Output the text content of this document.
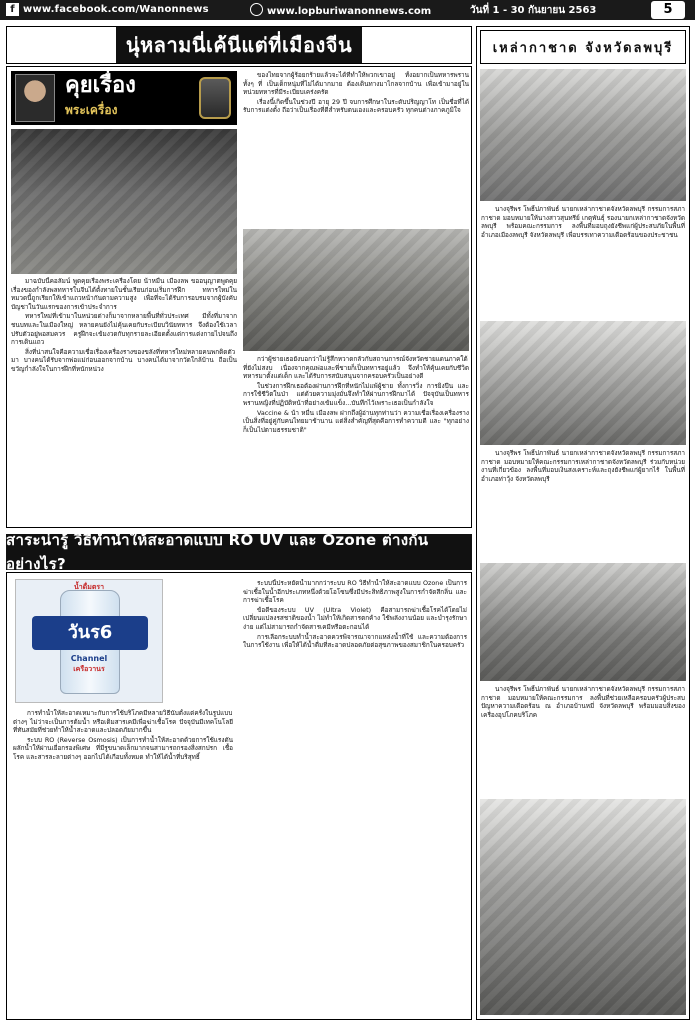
f www.facebook.com/Wanonnews	www.lopburiwanonnews.com	วันที่ 1 - 30 กันยายน 2563	5
นุ่หลามนี่เค้นีแต่ที่เมืองจีน
คุยเรื่อง
พระเครื่อง

มาฉบับนี้คอลัมน์ พูดคุยเรื่องพระเครื่องโดย น้าหมื่น เมืองลพ ขออนุญาตพูดคุยเรื่องของกำลังพลทหารในจีนได้ตั้งทายในชั้นเรียนก่อนเริ่มการฝึก ทหารใหม่ในหมวดนี้ถูกเรียกให้เข้าแถวหน้ากันตามความสูง เพื่อที่จะได้รับการอบรมจากผู้บังคับบัญชาในวันแรกของการเข้าประจำการ

ทหารใหม่ที่เข้ามาในหน่วยต่างก็มาจากหลายพื้นที่ทั่วประเทศ มีทั้งที่มาจากชนบทและในเมืองใหญ่ หลายคนยังไม่คุ้นเคยกับระเบียบวินัยทหาร จึงต้องใช้เวลาปรับตัวอยู่พอสมควร ครูฝึกจะเข้มงวดกับทุกรายละเอียดตั้งแต่การแต่งกายไปจนถึงการเดินแถว

สิ่งที่น่าสนใจคือความเชื่อเรื่องเครื่องรางของขลังที่ทหารใหม่หลายคนพกติดตัวมา บางคนได้รับจากพ่อแม่ก่อนออกจากบ้าน บางคนได้มาจากวัดใกล้บ้าน ถือเป็นขวัญกำลังใจในการฝึกที่หนักหน่วง

ของไทยจากผู้ร้อยกร้ายแล้วจะได้ที่ทำให้พวกเขาอยู่ ทั้งอยากเป็นทหารพราน ทั้งๆ ที่ เป็นเด็กหนุ่มที่ไม่ได้มากมาย ต้องเดินทางมาไกลจากบ้าน เพื่อเข้ามาอยู่ในหน่วยทหารที่มีระเบียบเคร่งครัด

เรื่องนี้เกิดขึ้นในช่วงปี อายุ 29 ปี จบการศึกษาในระดับปริญญาโท เป็นชื่อที่ได้รับการแต่งตั้ง ถือว่าเป็นเรื่องที่ดีสำหรับตนเองและครอบครัว ทุกคนต่างภาคภูมิใจ

กว่าผู้ชายเธอยังบอกว่าไม่รู้สึกหวาดกลัวกับสถานการณ์จังหวัดชายแดนภาคใต้ที่ยังไม่สงบ เนื่องจากคุณพ่อและพี่ชายก็เป็นทหารอยู่แล้ว จึงทำให้คุ้นเคยกับชีวิตทหารมาตั้งแต่เด็ก และได้รับการสนับสนุนจากครอบครัวเป็นอย่างดี

ในช่วงการฝึกเธอต้องผ่านการฝึกที่หนักไม่แพ้ผู้ชาย ทั้งการวิ่ง การยิงปืน และการใช้ชีวิตในป่า แต่ด้วยความมุ่งมั่นจึงทำให้ผ่านการฝึกมาได้ ปัจจุบันเป็นทหารพรานหญิงที่ปฏิบัติหน้าที่อย่างเข้มแข็ง...บันทึกไว้เพราะเธอเป็นกำลังใจ

Vaccine & น้า หมื่น เมืองลพ ฝากถึงผู้อ่านทุกท่านว่า ความเชื่อเรื่องเครื่องรางเป็นสิ่งที่อยู่คู่กับคนไทยมาช้านาน แต่สิ่งสำคัญที่สุดคือการทำความดี และ "ทุกอย่างก็เป็นไปตามธรรมชาติ"

สาระน่ารู้ วิธีทำน้ำให้สะอาดแบบ RO UV และ Ozone ต่างกันอย่างไร?
น้ำดื่มตรา
วันร6
Channel
เครือวานร

การทำน้ำให้สะอาดเหมาะกับการใช้บริโภคมีหลายวิธีนับตั้งแต่ครั้งในรูปแบบต่างๆ ไม่ว่าจะเป็นการต้มน้ำ หรือเติมสารเคมีเพื่อฆ่าเชื้อโรค ปัจจุบันมีเทคโนโลยีที่ทันสมัยที่ช่วยทำให้น้ำสะอาดและปลอดภัยมากขึ้น

ระบบ RO (Reverse Osmosis) เป็นการทำน้ำให้สะอาดด้วยการใช้แรงดันผลักน้ำให้ผ่านเยื่อกรองพิเศษ ที่มีรูขนาดเล็กมากจนสามารถกรองสิ่งสกปรก เชื้อโรค และสารละลายต่างๆ ออกไปได้เกือบทั้งหมด ทำให้ได้น้ำที่บริสุทธิ์

ระบบนี้ประหยัดน้ำมากกว่าระบบ RO วิธีทำน้ำให้สะอาดแบบ Ozone เป็นการฆ่าเชื้อในน้ำอีกประเภทหนึ่งด้วยโอโซนซึ่งมีประสิทธิภาพสูงในการกำจัดสีกลิ่น และการฆ่าเชื้อโรค

ข้อดีของระบบ UV (Ultra Violet) คือสามารถฆ่าเชื้อโรคได้โดยไม่เปลี่ยนแปลงรสชาติของน้ำ ไม่ทำให้เกิดสารตกค้าง ใช้พลังงานน้อย และบำรุงรักษาง่าย แต่ไม่สามารถกำจัดสารเคมีหรือตะกอนได้

การเลือกระบบทำน้ำสะอาดควรพิจารณาจากแหล่งน้ำที่ใช้ และความต้องการในการใช้งาน เพื่อให้ได้น้ำดื่มที่สะอาดปลอดภัยต่อสุขภาพของสมาชิกในครอบครัว

เหล่ากาชาด จังหวัดลพบุรี

นางจุรีพร โพธิ์ปภาพันธ์ นายกเหล่ากาชาดจังหวัดลพบุรี กรรมการสภากาชาด มอบหมายให้นางสาวสุนทรีย์ เกตุพันธุ์ รองนายกเหล่ากาชาดจังหวัดลพบุรี พร้อมคณะกรรมการ ลงพื้นที่มอบถุงยังชีพแก่ผู้ประสบภัยในพื้นที่อำเภอเมืองลพบุรี จังหวัดลพบุรี เพื่อบรรเทาความเดือดร้อนของประชาชน

นางจุรีพร โพธิ์ปภาพันธ์ นายกเหล่ากาชาดจังหวัดลพบุรี กรรมการสภากาชาด มอบหมายให้คณะกรรมการเหล่ากาชาดจังหวัดลพบุรี ร่วมกับหน่วยงานที่เกี่ยวข้อง ลงพื้นที่มอบเงินสงเคราะห์และถุงยังชีพแก่ผู้ยากไร้ ในพื้นที่อำเภอท่าวุ้ง จังหวัดลพบุรี

นางจุรีพร โพธิ์ปภาพันธ์ นายกเหล่ากาชาดจังหวัดลพบุรี กรรมการสภากาชาด มอบหมายให้คณะกรรมการ ลงพื้นที่ช่วยเหลือครอบครัวผู้ประสบปัญหาความเดือดร้อน ณ อำเภอบ้านหมี่ จังหวัดลพบุรี พร้อมมอบสิ่งของเครื่องอุปโภคบริโภค
